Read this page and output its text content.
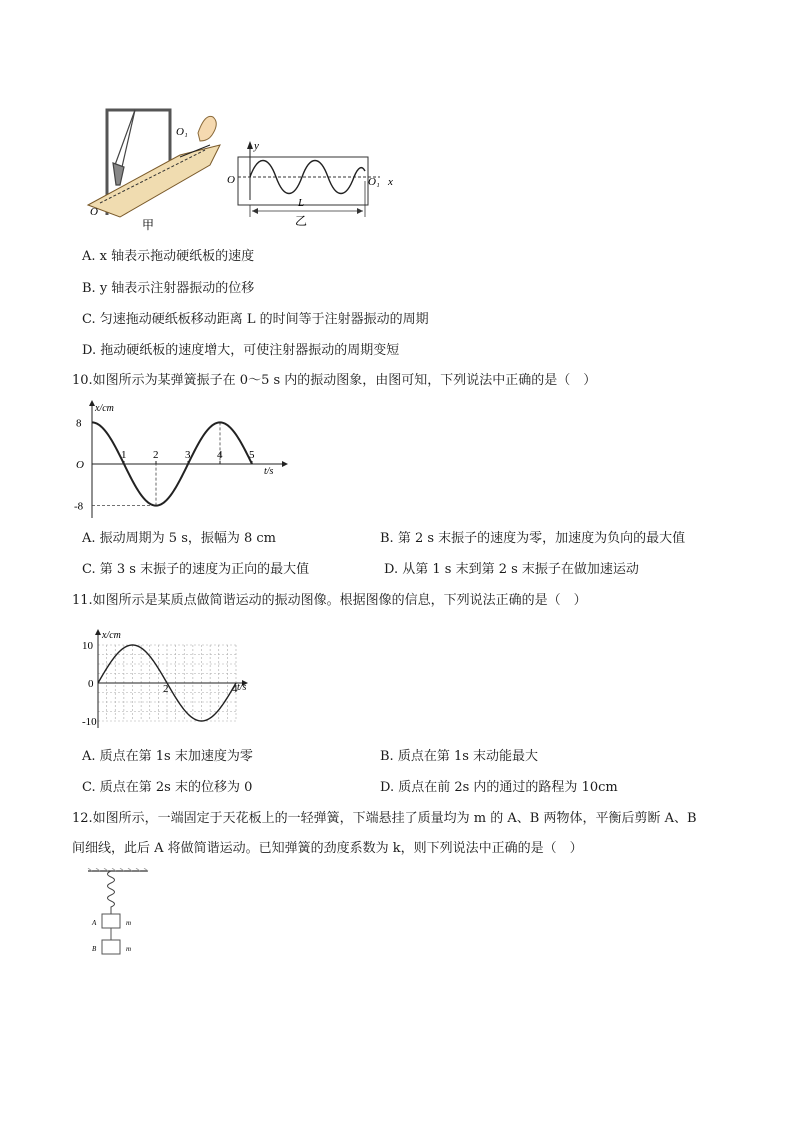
O₁
O
甲
y
O	O₁ x
L
乙
A. x 轴表示拖动硬纸板的速度
B. y 轴表示注射器振动的位移
C. 匀速拖动硬纸板移动距离 L 的时间等于注射器振动的周期
D. 拖动硬纸板的速度增大，可使注射器振动的周期变短
10.如图所示为某弹簧振子在 0～5 s 内的振动图象，由图可知，下列说法中正确的是（　）
x/cm
t/s
8
O
-8
1 2 3 4 5
A. 振动周期为 5 s，振幅为 8 cm	B. 第 2 s 末振子的速度为零，加速度为负向的最大值
C. 第 3 s 末振子的速度为正向的最大值	D. 从第 1 s 末到第 2 s 末振子在做加速运动
11.如图所示是某质点做简谐运动的振动图像。根据图像的信息，下列说法正确的是（　）
x/cm
t/s
10
0
-10
2	4
A. 质点在第 1s 末加速度为零	B. 质点在第 1s 末动能最大
C. 质点在第 2s 末的位移为 0	D. 质点在前 2s 内的通过的路程为 10cm
12.如图所示，一端固定于天花板上的一轻弹簧，下端悬挂了质量均为 m 的 A、B 两物体，平衡后剪断 A、B
间细线，此后 A 将做简谐运动。已知弹簧的劲度系数为 k，则下列说法中正确的是（　）
A
B
m
m
